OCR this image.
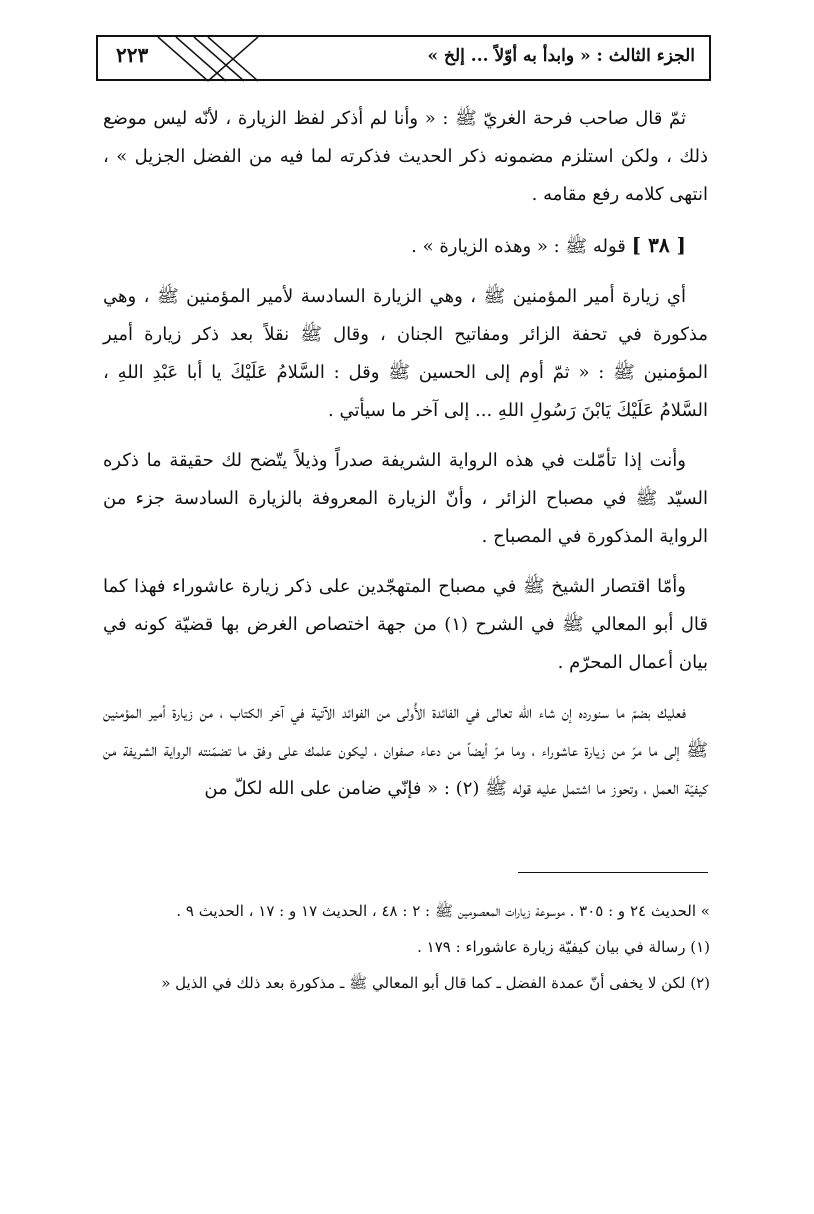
الجزء الثالث : « وابدأ به أوّلاً ... إلخ »
٢٢٣

ثمّ قال صاحب فرحة الغريّ ﷺ : « وأنا لم أذكر لفظ الزيارة ، لأنّه ليس موضع ذلك ، ولكن استلزم مضمونه ذكر الحديث فذكرته لما فيه من الفضل الجزيل » ، انتهى كلامه رفع مقامه .

[ ٣٨ ] قوله ﷺ : « وهذه الزيارة » .

أي زيارة أمير المؤمنين ﷺ ، وهي الزيارة السادسة لأمير المؤمنين ﷺ ، وهي مذكورة في تحفة الزائر ومفاتيح الجنان ، وقال ﷺ نقلاً بعد ذكر زيارة أمير المؤمنين ﷺ : « ثمّ أوم إلى الحسين ﷺ وقل : السَّلامُ عَلَيْكَ يا أبا عَبْدِ اللهِ ، السَّلامُ عَلَيْكَ يَابْنَ رَسُولِ اللهِ ... إلى آخر ما سيأتي .

وأنت إذا تأمّلت في هذه الرواية الشريفة صدراً وذيلاً يتّضح لك حقيقة ما ذكره السيّد ﷺ في مصباح الزائر ، وأنّ الزيارة المعروفة بالزيارة السادسة جزء من الرواية المذكورة في المصباح .

وأمّا اقتصار الشيخ ﷺ في مصباح المتهجّدين على ذكر زيارة عاشوراء فهذا كما قال أبو المعالي ﷺ في الشرح (١) من جهة اختصاص الغرض بها قضيّة كونه في بيان أعمال المحرّم .

فعليك بضمّ ما سنورده إن شاء الله تعالى في الفائدة الأُولى من الفوائد الآتية في آخر الكتاب ، من زيارة أمير المؤمنين ﷺ إلى ما مرّ من زيارة عاشوراء ، وما مرّ أيضاً من دعاء صفوان ، ليكون علمك على وفق ما تضمّنته الرواية الشريفة من كيفيّة العمل ، وتحوز ما اشتمل عليه قوله ﷺ (٢) : « فإنّي ضامن على الله لكلّ من

» الحديث ٢٤ و : ٣٠٥ . موسوعة زيارات المعصومين ﷺ : ٢ : ٤٨ ، الحديث ١٧ و : ١٧ ، الحديث ٩ .

(١) رسالة في بيان كيفيّة زيارة عاشوراء : ١٧٩ .

(٢) لكن لا يخفى أنّ عمدة الفضل ـ كما قال أبو المعالي ﷺ ـ مذكورة بعد ذلك في الذيل «
